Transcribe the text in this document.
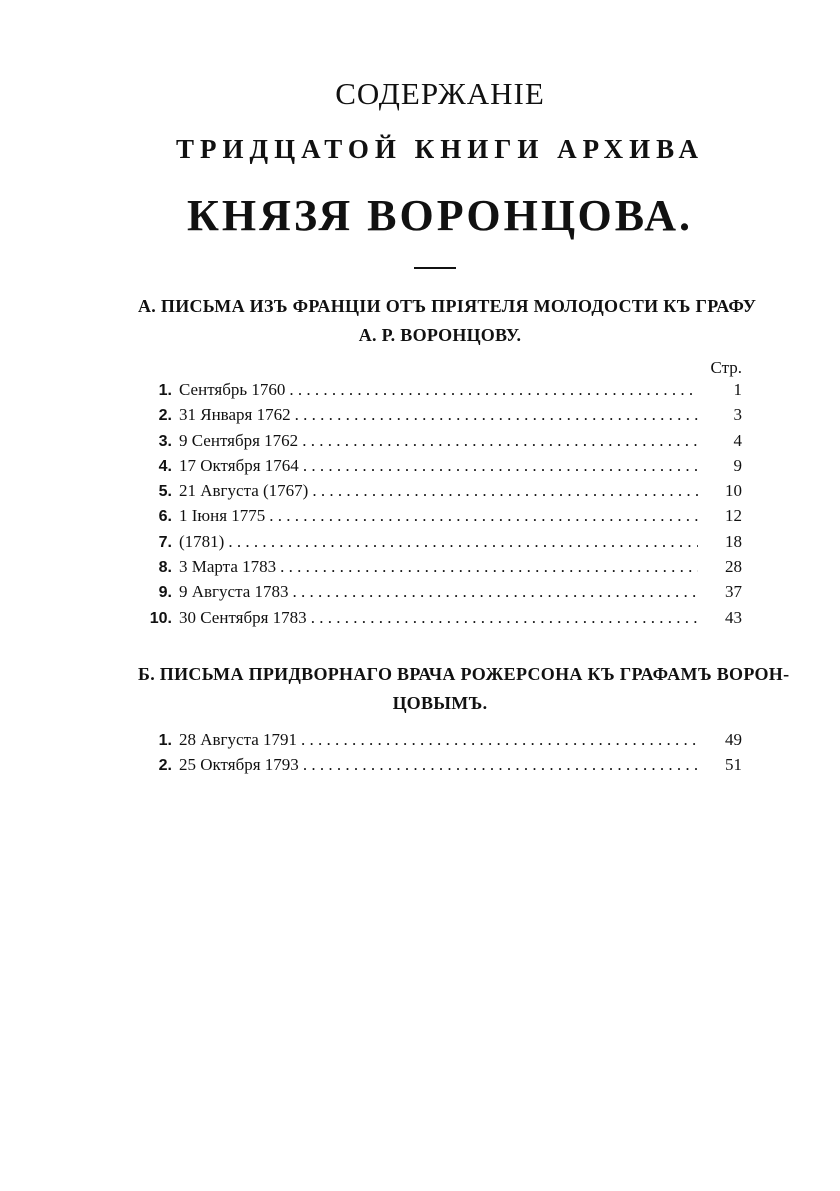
СОДЕРЖАНІЕ
ТРИДЦАТОЙ КНИГИ АРХИВА
КНЯЗЯ ВОРОНЦОВА.
А. ПИСЬМА ИЗЪ ФРАНЦІИ ОТЪ ПРІЯТЕЛЯ МОЛОДОСТИ КЪ ГРАФУ
А. Р. ВОРОНЦОВУ.
Стр.
1. Сентябрь 1760 . . .	1
2. 31 Января 1762 . . .	3
3. 9 Сентября 1762 . . .	4
4. 17 Октября 1764 . . .	9
5. 21 Августа (1767) . . .	10
6. 1 Іюня 1775 . . .	12
7. (1781) . . .	18
8. 3 Марта 1783 . . .	28
9. 9 Августа 1783 . . .	37
10. 30 Сентября 1783 . . .	43
Б. ПИСЬМА ПРИДВОРНАГО ВРАЧА РОЖЕРСОНА КЪ ГРАФАМЪ ВОРОН-
ЦОВЫМЪ.
1. 28 Августа 1791 . . .	49
2. 25 Октября 1793 . . .	51
